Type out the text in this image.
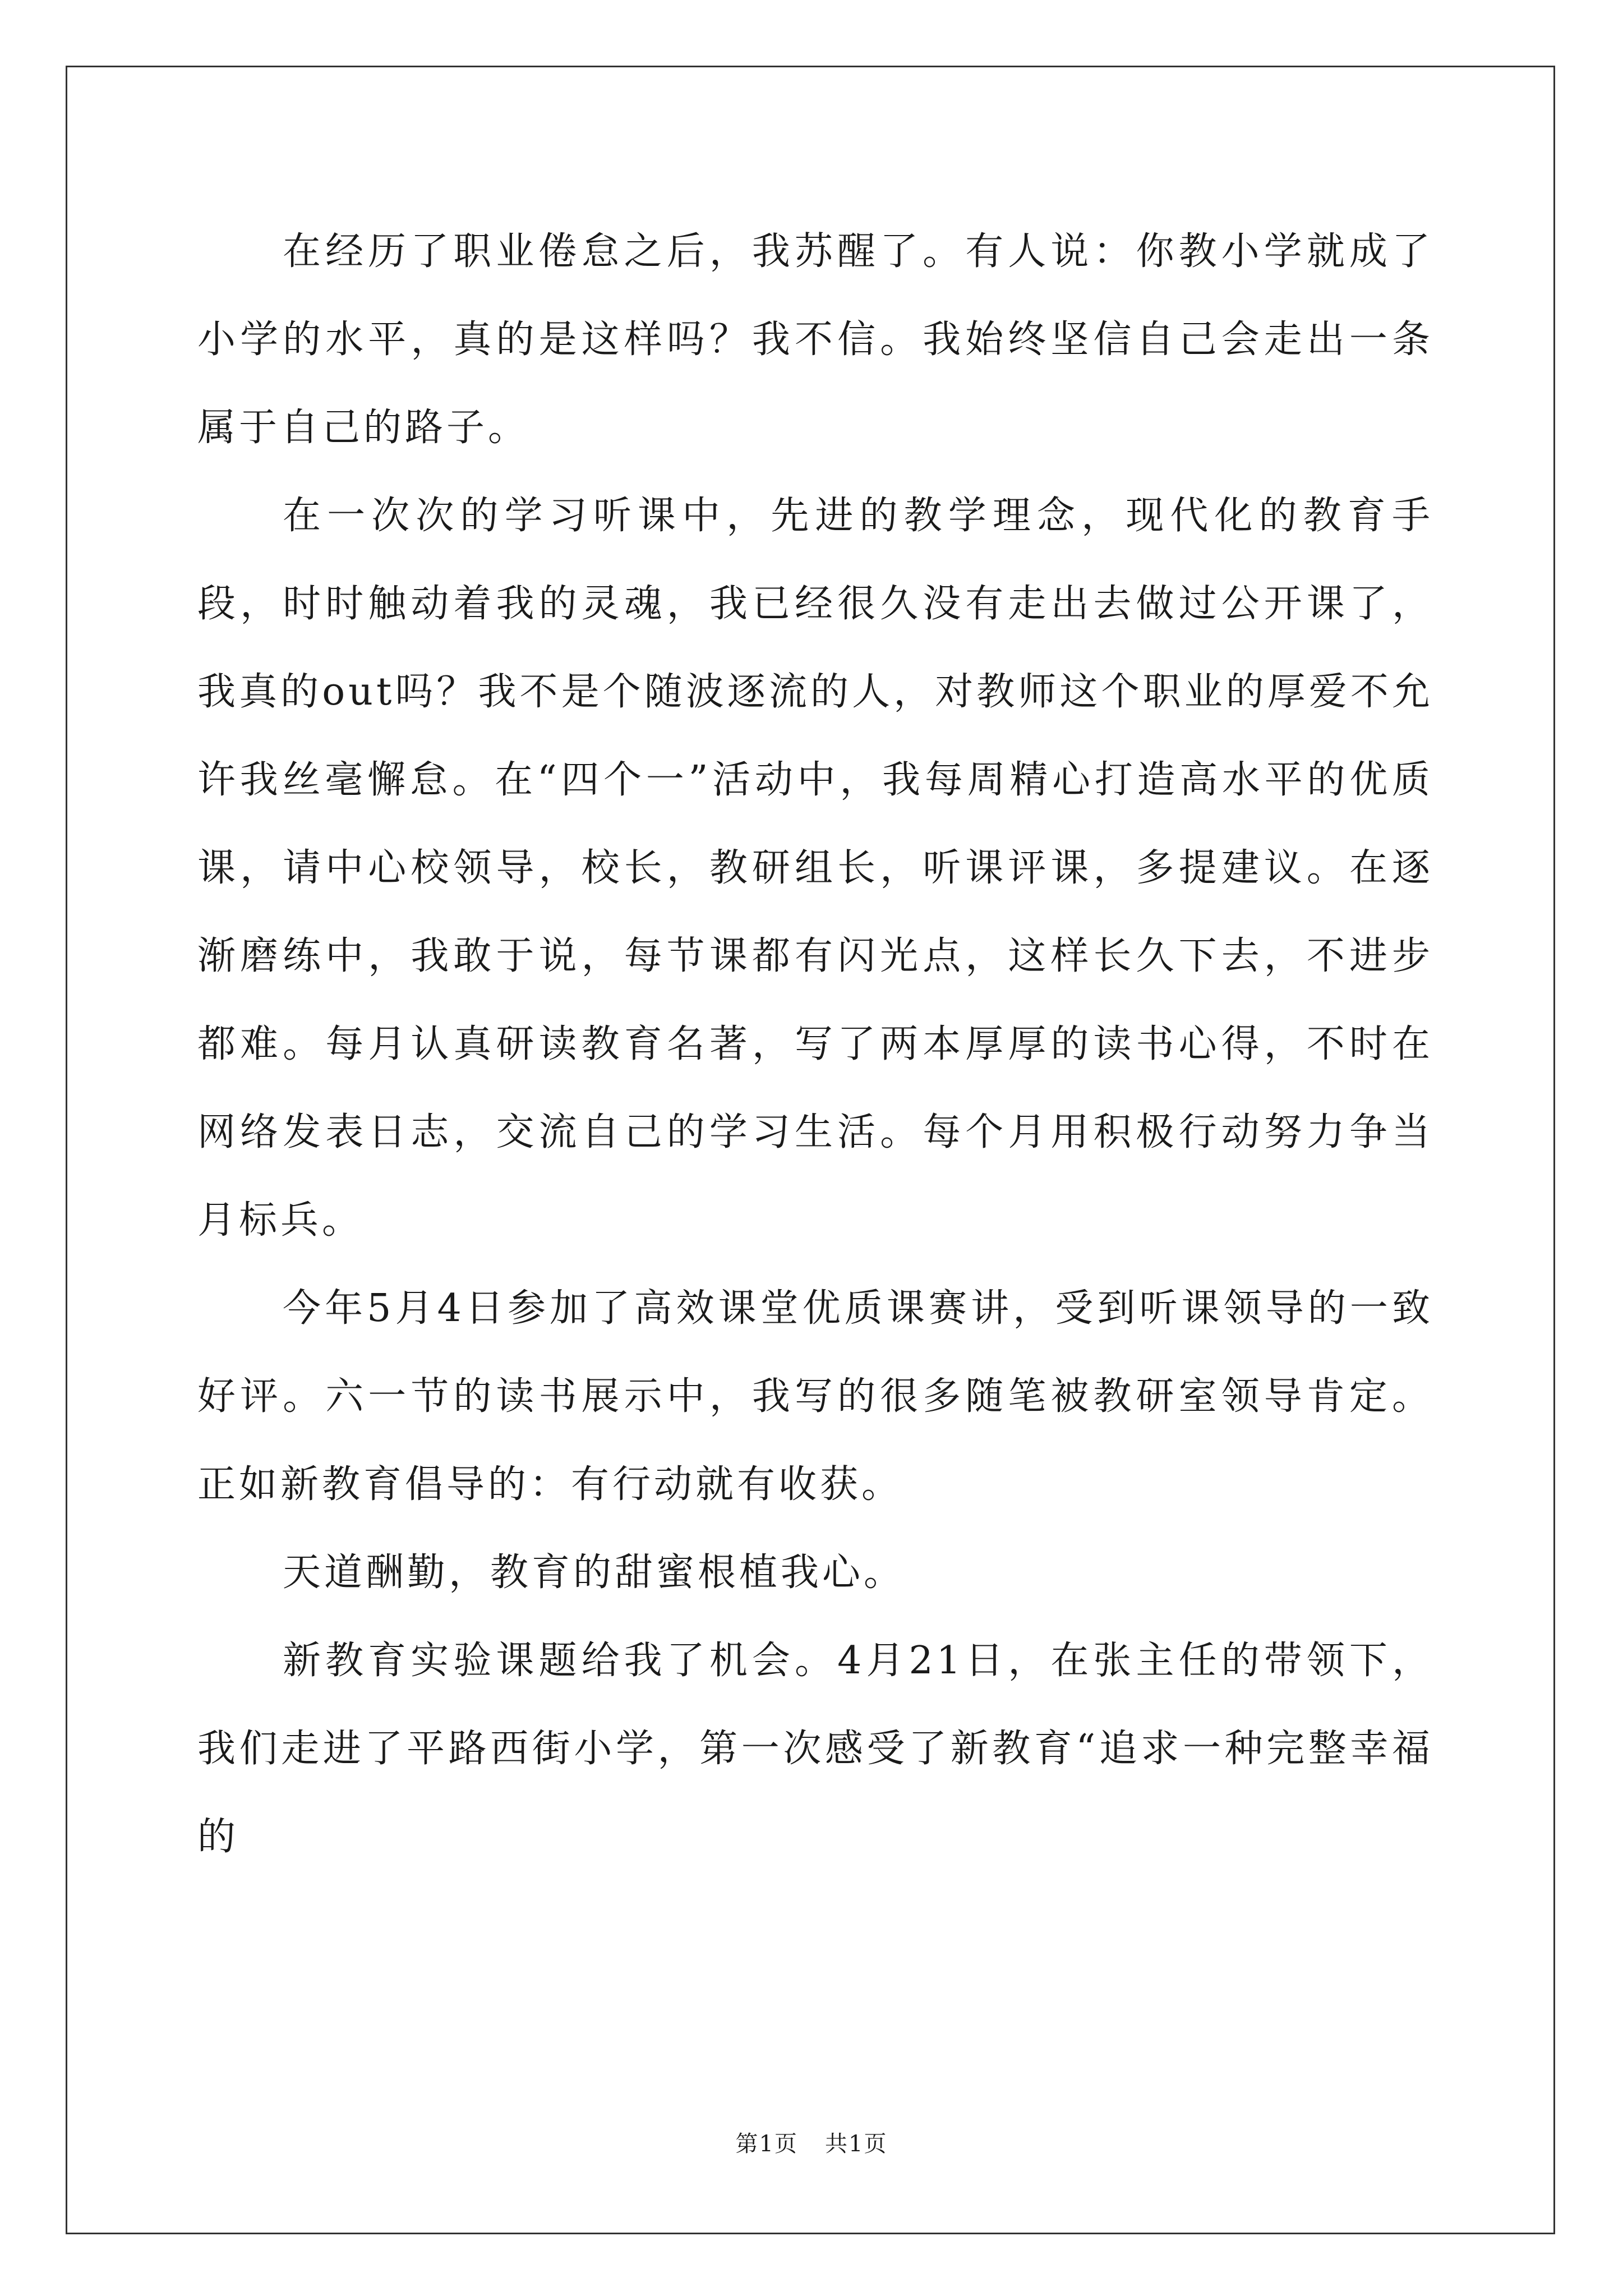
在经历了职业倦怠之后，我苏醒了。有人说：你教小学就成了小学的水平，真的是这样吗？我不信。我始终坚信自己会走出一条属于自己的路子。

在一次次的学习听课中，先进的教学理念，现代化的教育手段，时时触动着我的灵魂，我已经很久没有走出去做过公开课了，我真的out吗？我不是个随波逐流的人，对教师这个职业的厚爱不允许我丝毫懈怠。在“四个一”活动中，我每周精心打造高水平的优质课，请中心校领导，校长，教研组长，听课评课，多提建议。在逐渐磨练中，我敢于说，每节课都有闪光点，这样长久下去，不进步都难。每月认真研读教育名著，写了两本厚厚的读书心得，不时在网络发表日志，交流自己的学习生活。每个月用积极行动努力争当月标兵。

今年5月4日参加了高效课堂优质课赛讲，受到听课领导的一致好评。六一节的读书展示中，我写的很多随笔被教研室领导肯定。正如新教育倡导的：有行动就有收获。

天道酬勤，教育的甜蜜根植我心。

新教育实验课题给我了机会。4月21日，在张主任的带领下，我们走进了平路西街小学，第一次感受了新教育“追求一种完整幸福的

第1页 共1页
